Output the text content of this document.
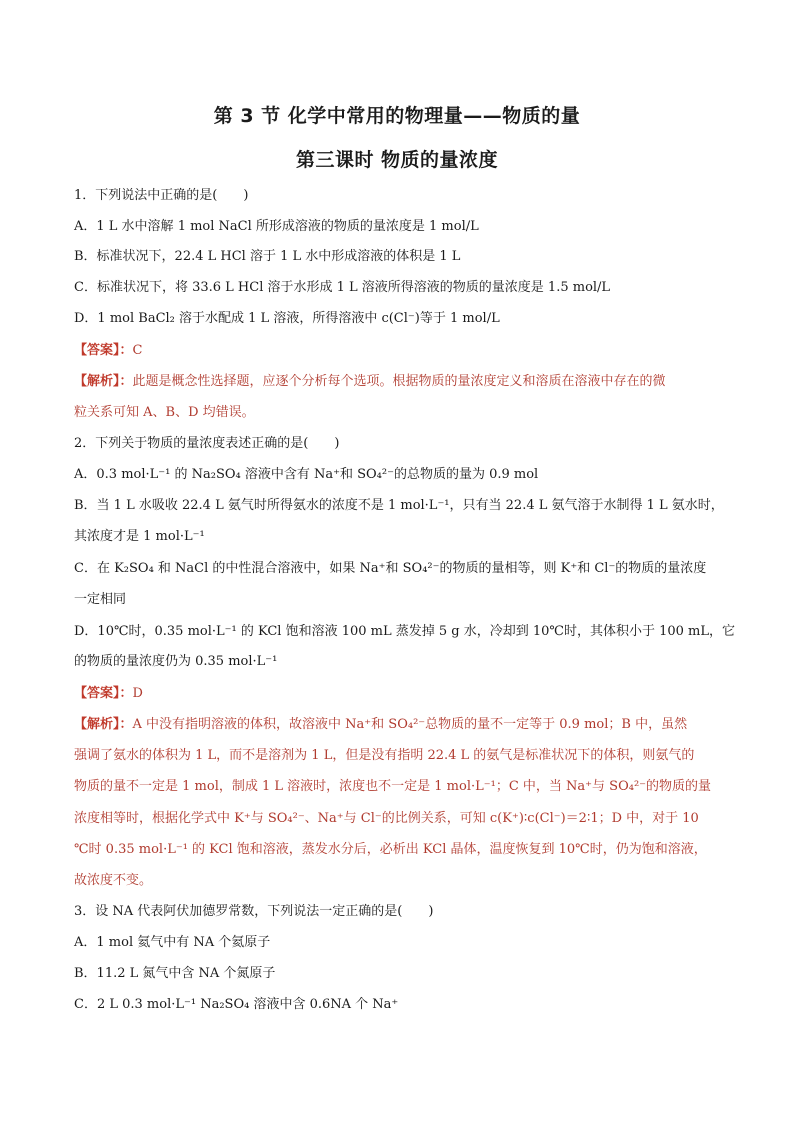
第 3 节 化学中常用的物理量——物质的量
第三课时 物质的量浓度
1．下列说法中正确的是(　　)
A．1 L 水中溶解 1 mol NaCl 所形成溶液的物质的量浓度是 1 mol/L
B．标准状况下，22.4 L HCl 溶于 1 L 水中形成溶液的体积是 1 L
C．标准状况下，将 33.6 L HCl 溶于水形成 1 L 溶液所得溶液的物质的量浓度是 1.5 mol/L
D．1 mol BaCl₂ 溶于水配成 1 L 溶液，所得溶液中 c(Cl⁻)等于 1 mol/L
【答案】：C
【解析】：此题是概念性选择题，应逐个分析每个选项。根据物质的量浓度定义和溶质在溶液中存在的微
粒关系可知 A、B、D 均错误。
2．下列关于物质的量浓度表述正确的是(　　)
A．0.3 mol·L⁻¹ 的 Na₂SO₄ 溶液中含有 Na⁺和 SO₄²⁻的总物质的量为 0.9 mol
B．当 1 L 水吸收 22.4 L 氨气时所得氨水的浓度不是 1 mol·L⁻¹，只有当 22.4 L 氨气溶于水制得 1 L 氨水时，
其浓度才是 1 mol·L⁻¹
C．在 K₂SO₄ 和 NaCl 的中性混合溶液中，如果 Na⁺和 SO₄²⁻的物质的量相等，则 K⁺和 Cl⁻的物质的量浓度
一定相同
D．10℃时，0.35 mol·L⁻¹ 的 KCl 饱和溶液 100 mL 蒸发掉 5 g 水，冷却到 10℃时，其体积小于 100 mL，它
的物质的量浓度仍为 0.35 mol·L⁻¹
【答案】：D
【解析】：A 中没有指明溶液的体积，故溶液中 Na⁺和 SO₄²⁻总物质的量不一定等于 0.9 mol；B 中，虽然
强调了氨水的体积为 1 L，而不是溶剂为 1 L，但是没有指明 22.4 L 的氨气是标准状况下的体积，则氨气的
物质的量不一定是 1 mol，制成 1 L 溶液时，浓度也不一定是 1 mol·L⁻¹；C 中，当 Na⁺与 SO₄²⁻的物质的量
浓度相等时，根据化学式中 K⁺与 SO₄²⁻、Na⁺与 Cl⁻的比例关系，可知 c(K⁺)∶c(Cl⁻)＝2∶1；D 中，对于 10
℃时 0.35 mol·L⁻¹ 的 KCl 饱和溶液，蒸发水分后，必析出 KCl 晶体，温度恢复到 10℃时，仍为饱和溶液，
故浓度不变。
3．设 NA 代表阿伏加德罗常数，下列说法一定正确的是(　　)
A．1 mol 氦气中有 NA 个氦原子
B．11.2 L 氮气中含 NA 个氮原子
C．2 L 0.3 mol·L⁻¹ Na₂SO₄ 溶液中含 0.6NA 个 Na⁺
